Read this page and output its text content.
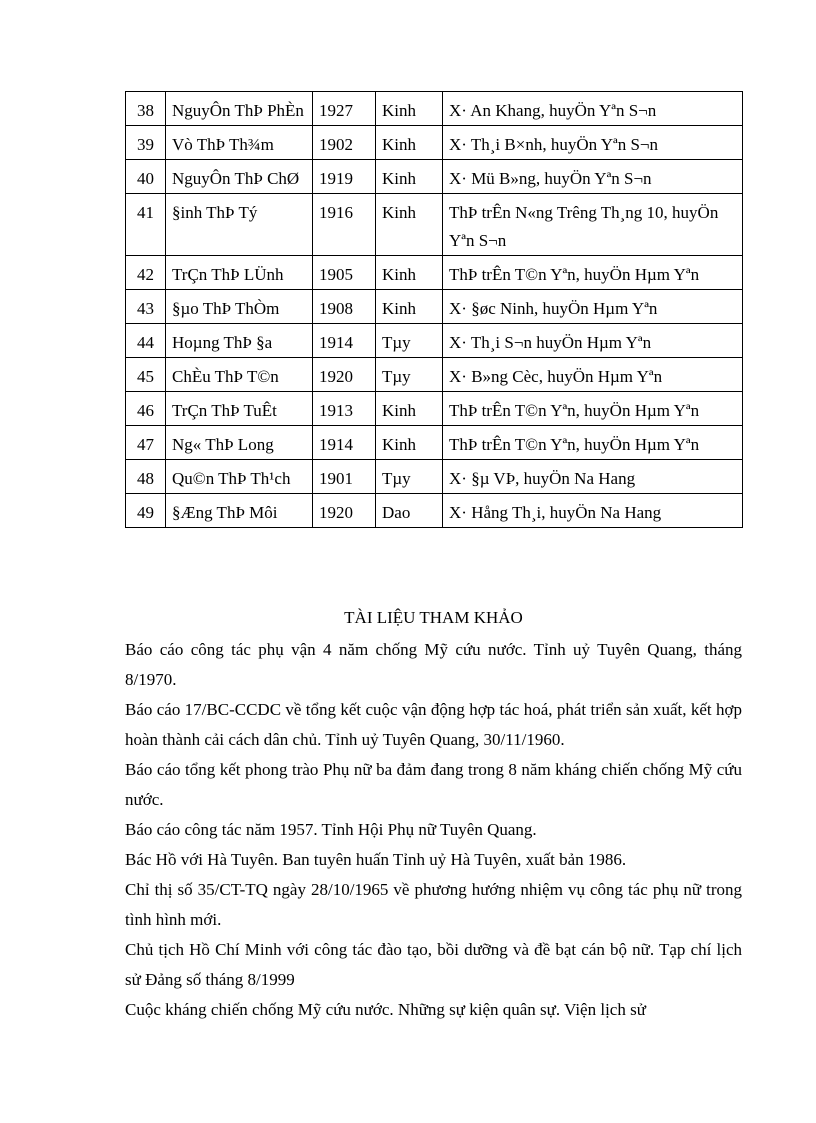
38	NguyÔn ThÞ PhÈn	1927	Kinh	X· An Khang, huyÖn Yªn S¬n
39	Vò ThÞ Th¾m	1902	Kinh	X· Th¸i B×nh, huyÖn Yªn S¬n
40	NguyÔn ThÞ ChØ	1919	Kinh	X· Mü B»ng, huyÖn Yªn S¬n
41	§inh ThÞ Tý	1916	Kinh	ThÞ trÊn N«ng Trêng Th¸ng 10, huyÖn Yªn S¬n
42	TrÇn ThÞ LÜnh	1905	Kinh	ThÞ trÊn T©n Yªn, huyÖn Hµm Yªn
43	§µo ThÞ ThÒm	1908	Kinh	X· §øc Ninh, huyÖn Hµm Yªn
44	Hoµng ThÞ §a	1914	Tµy	X· Th¸i S¬n huyÖn Hµm Yªn
45	ChÈu ThÞ T©n	1920	Tµy	X· B»ng Cèc, huyÖn Hµm Yªn
46	TrÇn ThÞ TuÊt	1913	Kinh	ThÞ trÊn T©n Yªn, huyÖn Hµm Yªn
47	Ng« ThÞ Long	1914	Kinh	ThÞ trÊn T©n Yªn, huyÖn Hµm Yªn
48	Qu©n ThÞ Th¹ch	1901	Tµy	X· §µ VÞ, huyÖn Na Hang
49	§Æng ThÞ Môi	1920	Dao	X· Hång Th¸i, huyÖn Na Hang
TÀI LIỆU THAM KHẢO

Báo cáo công tác phụ vận 4 năm chống Mỹ cứu nước. Tỉnh uỷ Tuyên Quang, tháng 8/1970.

Báo cáo 17/BC-CCDC về tổng kết cuộc vận động hợp tác hoá, phát triển sản xuất, kết hợp hoàn thành cải cách dân chủ. Tỉnh uỷ Tuyên Quang, 30/11/1960.

Báo cáo tổng kết phong trào Phụ nữ ba đảm đang trong 8 năm kháng chiến chống Mỹ cứu nước.

Báo cáo công tác năm 1957. Tỉnh Hội Phụ nữ Tuyên Quang.

Bác Hồ với Hà Tuyên. Ban tuyên huấn Tỉnh uỷ Hà Tuyên, xuất bản 1986.

Chỉ thị số 35/CT-TQ ngày 28/10/1965 về phương hướng nhiệm vụ công tác phụ nữ trong tình hình mới.

Chủ tịch Hồ Chí Minh với công tác đào tạo, bồi dưỡng và đề bạt cán bộ nữ. Tạp chí lịch sử Đảng số tháng 8/1999

Cuộc kháng chiến chống Mỹ cứu nước. Những sự kiện quân sự. Viện lịch sử
